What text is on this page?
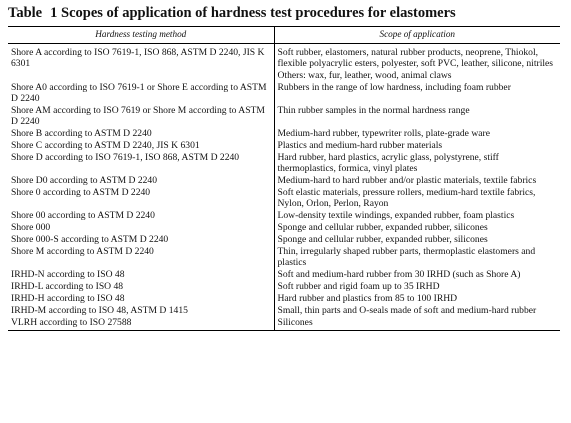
Table 1 Scopes of application of hardness test procedures for elastomers
Hardness testing method	Scope of application
Shore A according to ISO 7619-1, ISO 868, ASTM D 2240, JIS K 6301	Soft rubber, elastomers, natural rubber products, neoprene, Thiokol, flexible polyacrylic esters, polyester, soft PVC, leather, silicone, nitriles
	Others: wax, fur, leather, wood, animal claws
Shore A0 according to ISO 7619-1 or Shore E according to ASTM D 2240	Rubbers in the range of low hardness, including foam rubber
Shore AM according to ISO 7619 or Shore M according to ASTM D 2240	Thin rubber samples in the normal hardness range
Shore B according to ASTM D 2240	Medium-hard rubber, typewriter rolls, plate-grade ware
Shore C according to ASTM D 2240, JIS K 6301	Plastics and medium-hard rubber materials
Shore D according to ISO 7619-1, ISO 868, ASTM D 2240	Hard rubber, hard plastics, acrylic glass, polystyrene, stiff thermoplastics, formica, vinyl plates
Shore D0 according to ASTM D 2240	Medium-hard to hard rubber and/or plastic materials, textile fabrics
Shore 0 according to ASTM D 2240	Soft elastic materials, pressure rollers, medium-hard textile fabrics, Nylon, Orlon, Perlon, Rayon
Shore 00 according to ASTM D 2240	Low-density textile windings, expanded rubber, foam plastics
Shore 000	Sponge and cellular rubber, expanded rubber, silicones
Shore 000-S according to ASTM D 2240	Sponge and cellular rubber, expanded rubber, silicones
Shore M according to ASTM D 2240	Thin, irregularly shaped rubber parts, thermoplastic elastomers and plastics
IRHD-N according to ISO 48	Soft and medium-hard rubber from 30 IRHD (such as Shore A)
IRHD-L according to ISO 48	Soft rubber and rigid foam up to 35 IRHD
IRHD-H according to ISO 48	Hard rubber and plastics from 85 to 100 IRHD
IRHD-M according to ISO 48, ASTM D 1415	Small, thin parts and O-seals made of soft and medium-hard rubber
VLRH according to ISO 27588	Silicones
